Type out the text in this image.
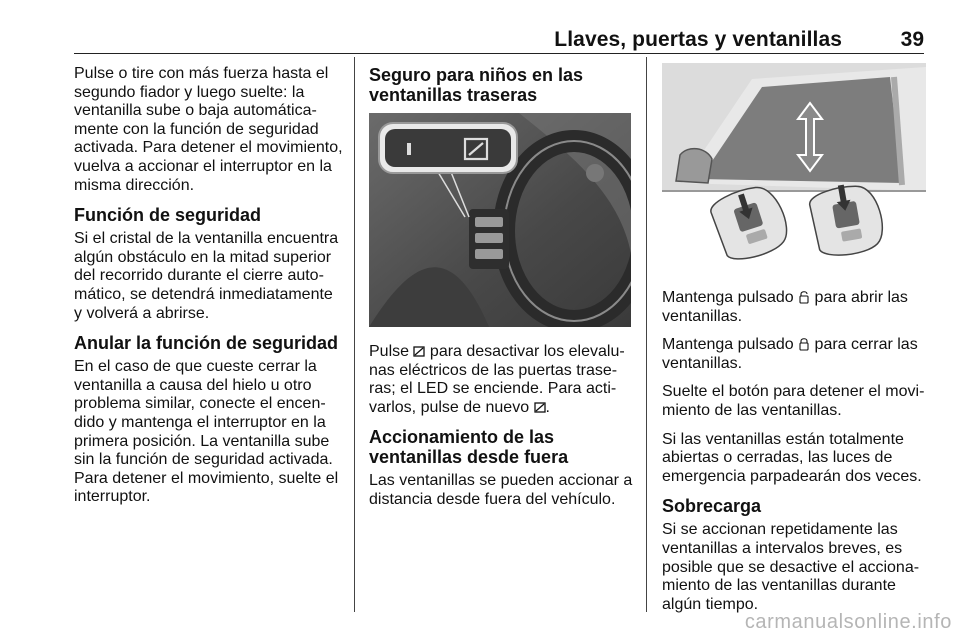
Llaves, puertas y ventanillas	39

Pulse o tire con más fuerza hasta el segundo fiador y luego suelte: la ventanilla sube o baja automáticamente con la función de seguridad activada. Para detener el movimiento, vuelva a accionar el interruptor en la misma dirección.

Función de seguridad

Si el cristal de la ventanilla encuentra algún obstáculo en la mitad superior del recorrido durante el cierre automático, se detendrá inmediatamente y volverá a abrirse.

Anular la función de seguridad

En el caso de que cueste cerrar la ventanilla a causa del hielo u otro problema similar, conecte el encendido y mantenga el interruptor en la primera posición. La ventanilla sube sin la función de seguridad activada. Para detener el movimiento, suelte el interruptor.

Seguro para niños en las ventanillas traseras

Pulse  para desactivar los elevalunas eléctricos de las puertas traseras; el LED se enciende. Para activarlos, pulse de nuevo .

Accionamiento de las ventanillas desde fuera

Las ventanillas se pueden accionar a distancia desde fuera del vehículo.

Mantenga pulsado  para abrir las ventanillas.

Mantenga pulsado  para cerrar las ventanillas.

Suelte el botón para detener el movimiento de las ventanillas.

Si las ventanillas están totalmente abiertas o cerradas, las luces de emergencia parpadearán dos veces.

Sobrecarga

Si se accionan repetidamente las ventanillas a intervalos breves, es posible que se desactive el accionamiento de las ventanillas durante algún tiempo.

carmanualsonline.info
